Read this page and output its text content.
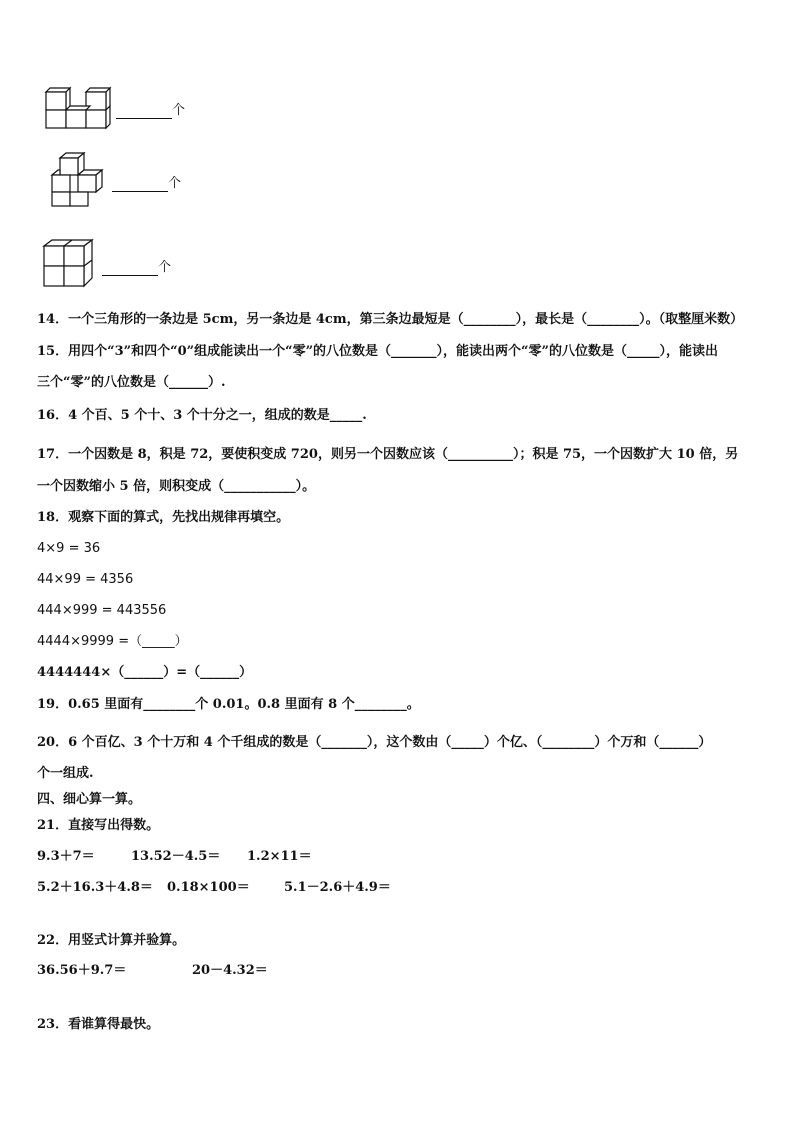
个
个
个
14．一个三角形的一条边是 5cm，另一条边是 4cm，第三条边最短是（________），最长是（________）。（取整厘米数）
15．用四个“3”和四个“0”组成能读出一个“零”的八位数是（_______），能读出两个“零”的八位数是（_____），能读出
三个“零”的八位数是（______）.
16．4 个百、5 个十、3 个十分之一，组成的数是_____.
17．一个因数是 8，积是 72，要使积变成 720，则另一个因数应该（__________）；积是 75，一个因数扩大 10 倍，另
一个因数缩小 5 倍，则积变成（___________）。
18．观察下面的算式，先找出规律再填空。
4×9 = 36
44×99 = 4356
444×999 = 443556
4444×9999 =（_____）
4444444×（______）=（______）
19．0.65 里面有________个 0.01。0.8 里面有 8 个________。
20．6 个百亿、3 个十万和 4 个千组成的数是（_______），这个数由（_____）个亿、（________）个万和（______）
个一组成.
四、细心算一算。
21．直接写出得数。
9.3＋7＝	13.52－4.5＝ 1.2×11＝
5.2＋16.3＋4.8＝ 0.18×100＝	5.1－2.6＋4.9＝
22．用竖式计算并验算。
36.56＋9.7＝	20－4.32＝
23．看谁算得最快。
